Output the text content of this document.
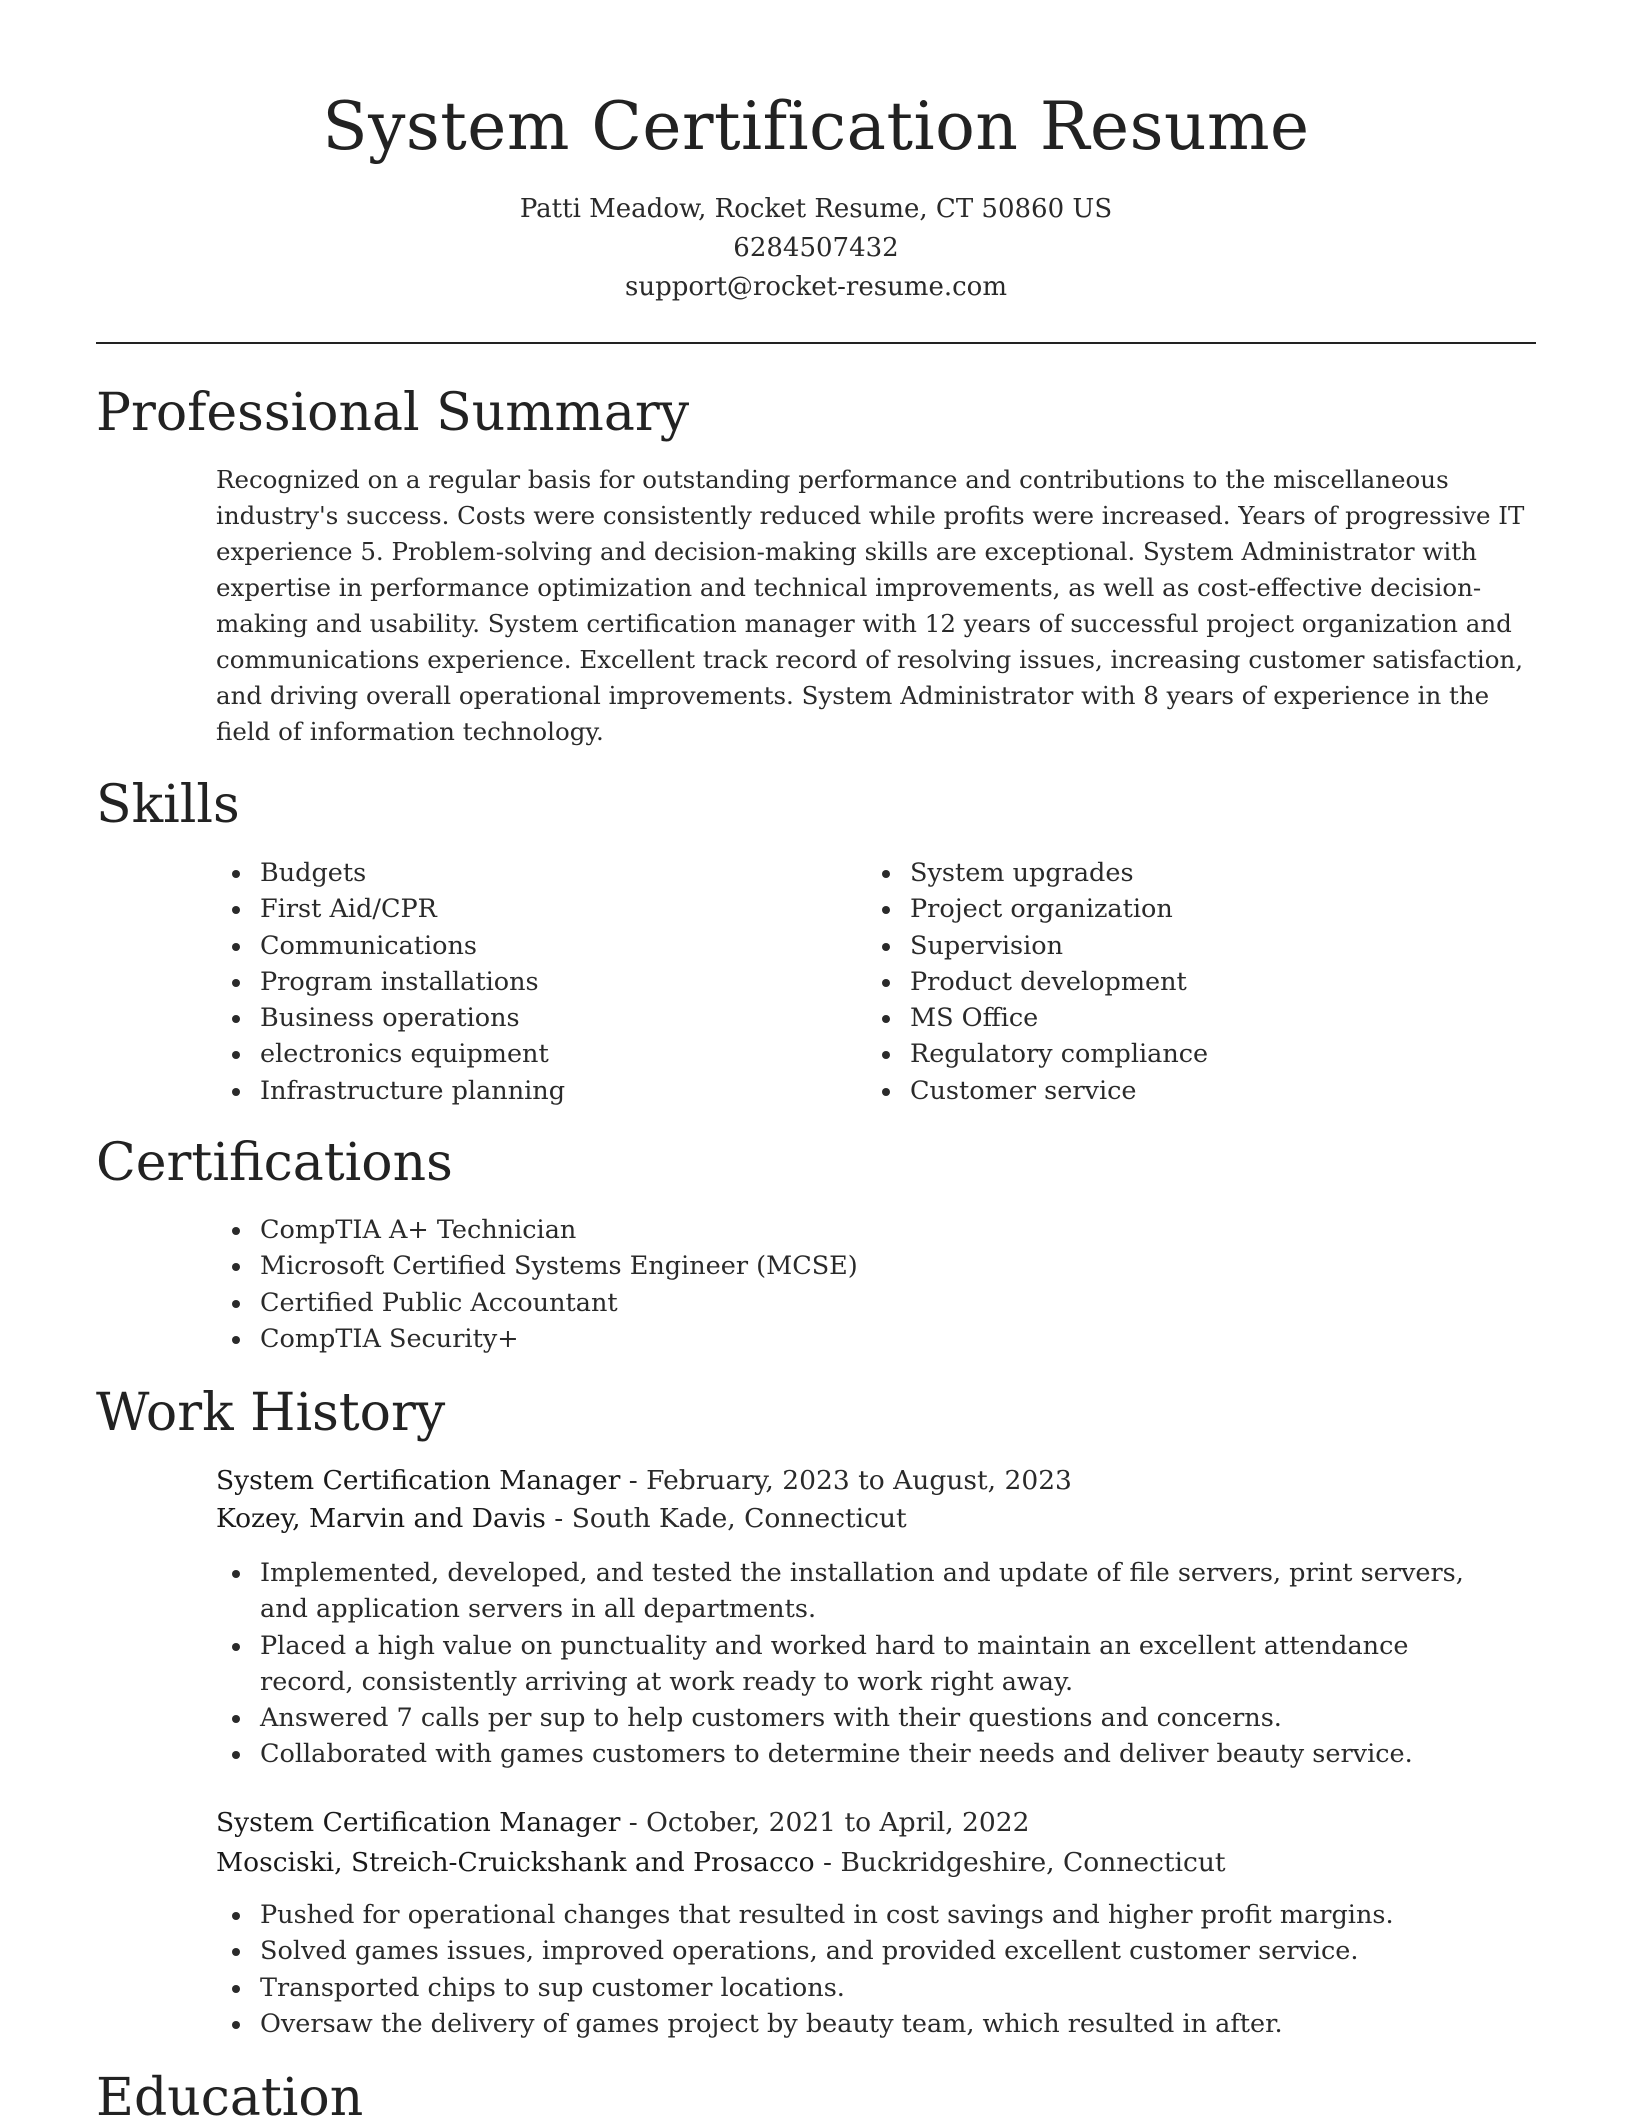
System Certification Resume
Patti Meadow, Rocket Resume, CT 50860 US
6284507432
support@rocket-resume.com
Professional Summary

Recognized on a regular basis for outstanding performance and contributions to the miscellaneous industry's success. Costs were consistently reduced while profits were increased. Years of progressive IT experience 5. Problem-solving and decision-making skills are exceptional. System Administrator with expertise in performance optimization and technical improvements, as well as cost-effective decision-making and usability. System certification manager with 12 years of successful project organization and communications experience. Excellent track record of resolving issues, increasing customer satisfaction, and driving overall operational improvements. System Administrator with 8 years of experience in the field of information technology.

Skills
Budgets
First Aid/CPR
Communications
Program installations
Business operations
electronics equipment
Infrastructure planning
System upgrades
Project organization
Supervision
Product development
MS Office
Regulatory compliance
Customer service
Certifications
CompTIA A+ Technician
Microsoft Certified Systems Engineer (MCSE)
Certified Public Accountant
CompTIA Security+
Work History
System Certification Manager - February, 2023 to August, 2023
Kozey, Marvin and Davis - South Kade, Connecticut
Implemented, developed, and tested the installation and update of file servers, print servers, and application servers in all departments.
Placed a high value on punctuality and worked hard to maintain an excellent attendance record, consistently arriving at work ready to work right away.
Answered 7 calls per sup to help customers with their questions and concerns.
Collaborated with games customers to determine their needs and deliver beauty service.
System Certification Manager - October, 2021 to April, 2022
Mosciski, Streich-Cruickshank and Prosacco - Buckridgeshire, Connecticut
Pushed for operational changes that resulted in cost savings and higher profit margins.
Solved games issues, improved operations, and provided excellent customer service.
Transported chips to sup customer locations.
Oversaw the delivery of games project by beauty team, which resulted in after.
Education
